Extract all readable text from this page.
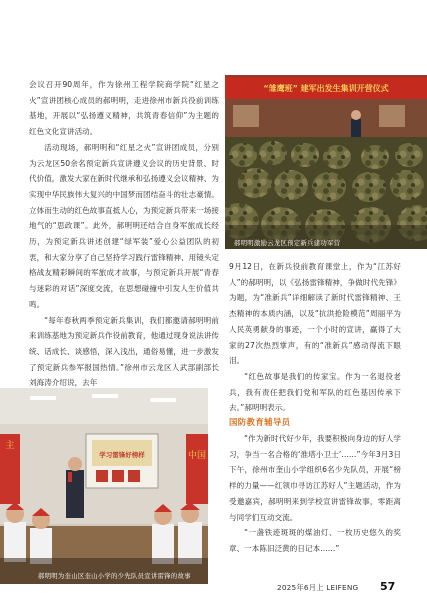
会议召开90周年，作为徐州工程学院商学院“红星之火”宣讲团核心成员的郝明明，走进徐州市新兵役前训练基地，开展以“弘扬遵义精神，共筑青春信仰”为主题的红色文化宣讲活动。

活动现场，郝明明和“红星之火”宣讲团成员，分别为云龙区50余名预定新兵宣讲遵义会议的历史背景、时代价值，激发大家在新时代继承和弘扬遵义会议精神、为实现中华民族伟大复兴的中国梦而团结奋斗的壮志豪情。立体而生动的红色故事直抵人心，为预定新兵带来一场接地气的“思政课”。此外，郝明明还结合自身军旅成长经历，为预定新兵讲述创建“绿军装”爱心公益团队的初衷，和大家分享了自己坚持学习践行雷锋精神、用镜头定格战友精彩瞬间的军旅成才故事，与预定新兵开展“青春与迷彩的对话”深度交流，在思想碰撞中引发人生价值共鸣。

“每年春秋两季预定新兵集训，我们都邀请郝明明前来训练基地为预定新兵作役前教育，他通过现身说法讲传统、话成长、谈感悟，深入浅出，通俗易懂，进一步激发了预定新兵参军报国热情。”徐州市云龙区人武部副部长刘海涛介绍说，去年

“雏鹰班” 建军出发生集训开营仪式
郝明明激励云龙区预定新兵建功军营

9月12日，在新兵役前教育课堂上，作为“江苏好人”的郝明明，以《弘扬雷锋精神，争做时代先锋》为题，为“准新兵”详细解读了新时代雷锋精神、王杰精神的本质内涵，以及“抗洪抢险模范”周丽平为人民英勇献身的事迹，一个小时的宣讲，赢得了大家的27次热烈掌声，有的“准新兵”感动得流下眼泪。

“红色故事是我们的传家宝。作为一名退役老兵，我有责任把我们党和军队的红色基因传承下去。”郝明明表示。

国防教育辅导员

“作为新时代好少年，我要积极向身边的好人学习，争当一名合格的‘淮塔小卫士’……”今年3月3日下午，徐州市奎山小学组织6名少先队员，开展“榜样的力量——红领巾寻访江苏好人”主题活动，作为受邀嘉宾，郝明明来到学校宣讲雷锋故事，零距离与同学们互动交流。

“一盏铁迹斑斑的煤油灯、一枚历史悠久的奖章、一本陈旧泛黄的日记本……”

主
中国
学习雷锋好榜样
郝明明为奎山区奎山小学的少先队员宣讲雷锋的故事
2025年6月上 LEIFENG 57
